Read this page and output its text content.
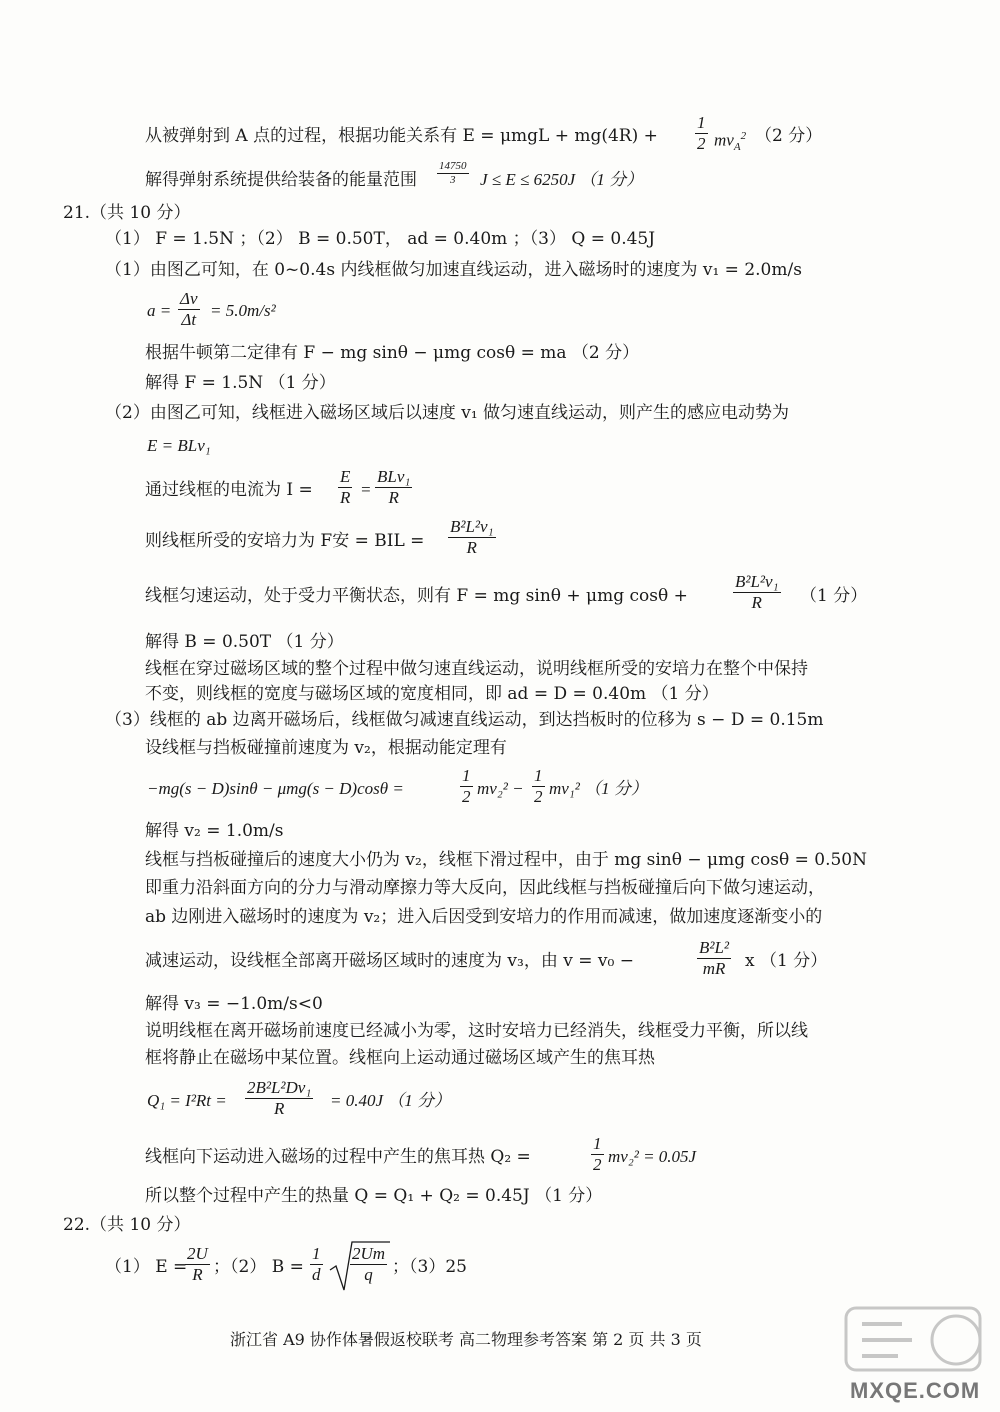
从被弹射到 A 点的过程，根据功能关系有 $E = \mu mgL + mg(4R) + \frac{1}{2} mv_A^2$ （2 分）
解得弹射系统提供给装备的能量范围 $\frac{14750}{3}$ J ≤ E ≤ 6250J （1 分）
21.（共 10 分）
（1） F = 1.5N ；（2） B = 0.50T， ad = 0.40m ；（3） Q = 0.45J
（1）由图乙可知，在 0~0.4s 内线框做匀加速直线运动，进入磁场时的速度为 v₁ = 2.0m/s
$a = \frac{\Delta v}{\Delta t} = 5.0m/s^2$
根据牛顿第二定律有 F − mg sinθ − μmg cosθ = ma （2 分）
解得 F = 1.5N （1 分）
（2）由图乙可知，线框进入磁场区域后以速度 v₁ 做匀速直线运动，则产生的感应电动势为
E = BLv₁
通过线框的电流为 $I = \frac{E}{R}$ =
BLv₁
R
则线框所受的安培力为 F安 = BIL = $\frac{\text{B²L²v₁}}{R}$
线框匀速运动，处于受力平衡状态，则有 F = mg sinθ + μmg cosθ +	$\frac{\text{B²L²v₁}}{R} (1$ 分）
解得 B = 0.50T （1 分）
线框在穿过磁场区域的整个过程中做匀速直线运动，说明线框所受的安培力在整个中保持
不变，则线框的宽度与磁场区域的宽度相同，即 ad = D = 0.40m （1 分）
（3）线框的 ab 边离开磁场后，线框做匀减速直线运动，到达挡板时的位移为 s − D = 0.15m
设线框与挡板碰撞前速度为 v₂，根据动能定理有
−mg(s − D)sinθ − μmg(s − D)cosθ =	$\frac{1}{2} mv_2^2 - \frac{1}{2} mv_1^2$ （1 分）
解得 v₂ = 1.0m/s
线框与挡板碰撞后的速度大小仍为 v₂，线框下滑过程中，由于 mg sinθ − μmg cosθ = 0.50N
即重力沿斜面方向的分力与滑动摩擦力等大反向，因此线框与挡板碰撞后向下做匀速运动，
ab 边刚进入磁场时的速度为 v₂；进入后因受到安培力的作用而减速，做加速度逐渐变小的
减速运动，设线框全部离开磁场区域时的速度为 v₃，由 v = v₀ −	$\frac{\text{B²L²}}{mR}$ x （1 分）
解得 v₃ = −1.0m/s<0
说明线框在离开磁场前速度已经减小为零，这时安培力已经消失，线框受力平衡，所以线
框将静止在磁场中某位置。线框向上运动通过磁场区域产生的焦耳热
$Q_1 = I^2Rt = \frac{\text{2B²L²Dv₁}}{R} = 0.40J$ （1 分）
线框向下运动进入磁场的过程中产生的焦耳热 Q₂ =	$\frac{1}{2} mv_2^2 = 0.05J$
所以整个过程中产生的热量 Q = Q₁ + Q₂ = 0.45J （1 分）
22.（共 10 分）
（1） E =
$\frac{2U}{R}$ ；（2） $B = \frac{1}{d} \frac{2Um}{q}$ ；（3）25
浙江省 A9 协作体暑假返校联考 高二物理参考答案 第 2 页 共 3 页
MXQE.COM
